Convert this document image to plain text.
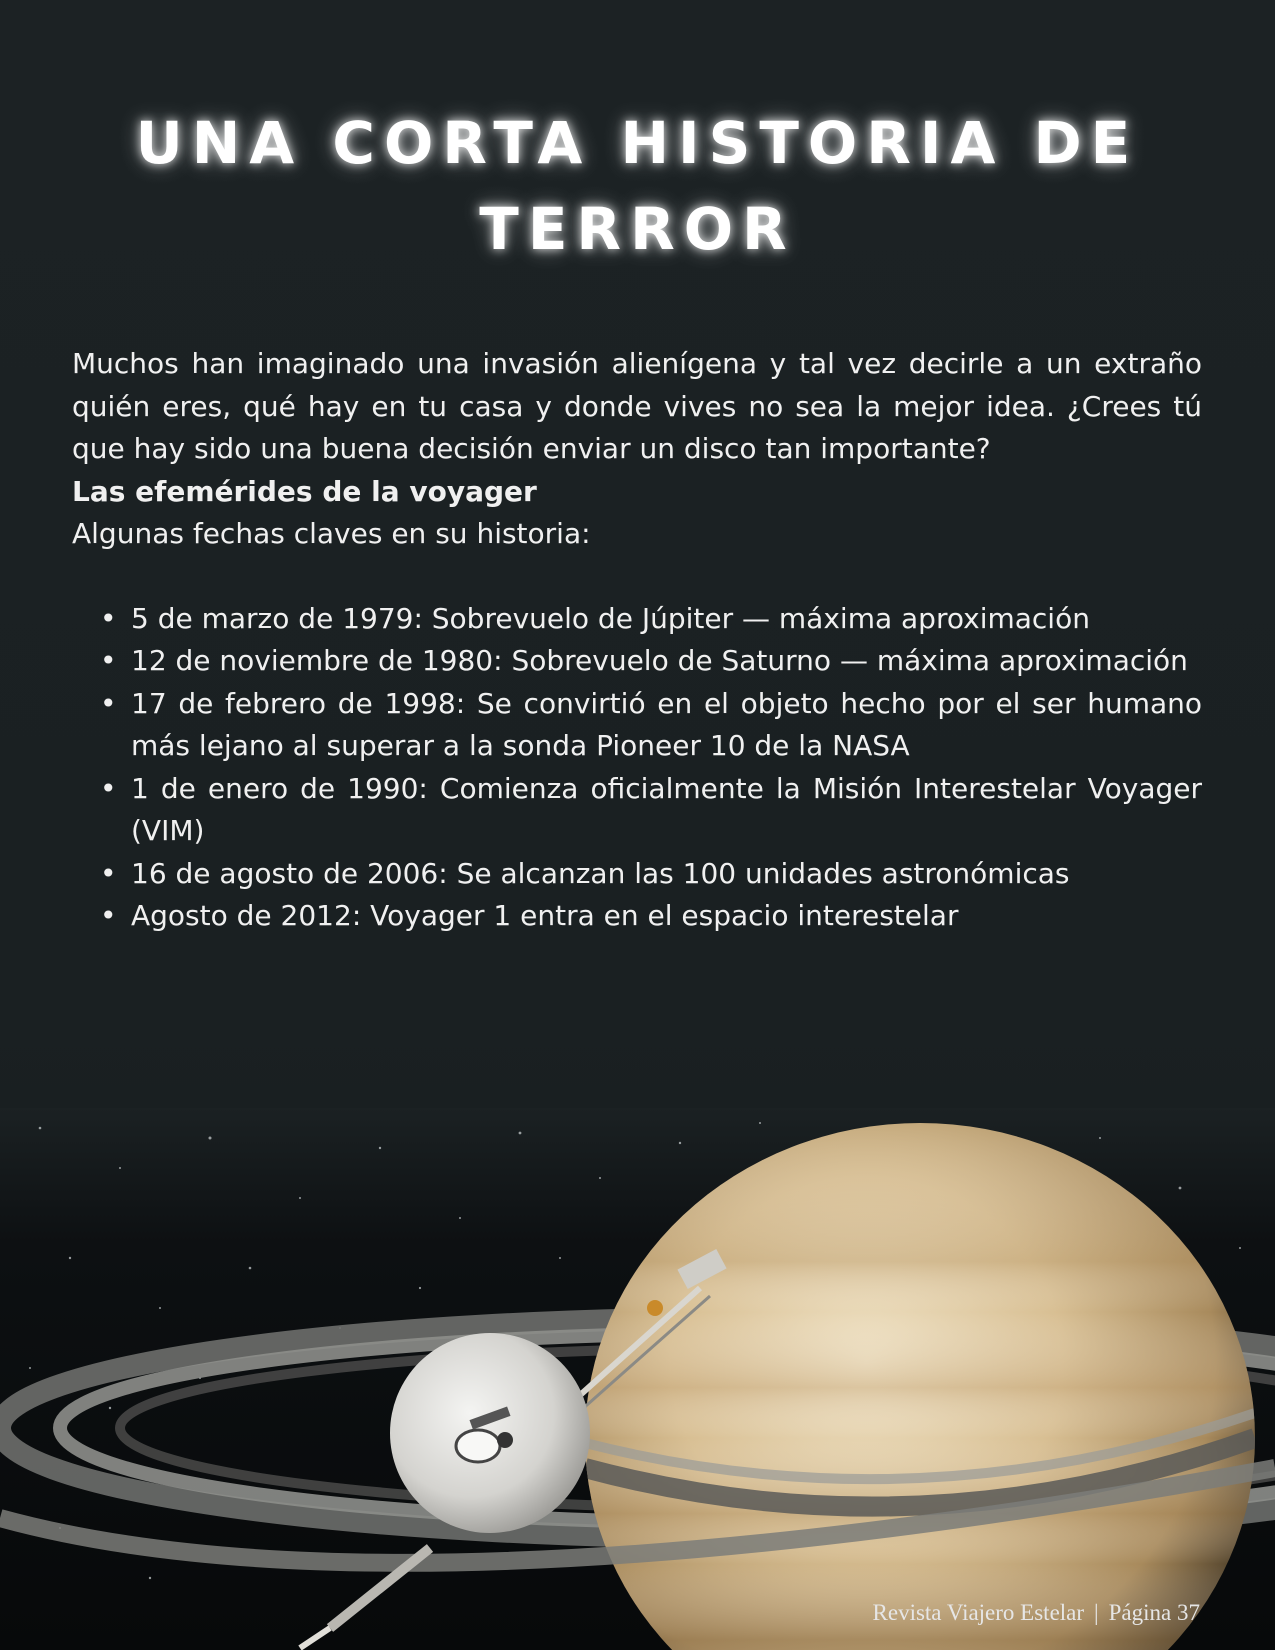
UNA CORTA HISTORIA DE
TERROR

Muchos han imaginado una invasión alienígena y tal vez decirle a un extraño quién eres, qué hay en tu casa y donde vives no sea la mejor idea. ¿Crees tú que hay sido una buena decisión enviar un disco tan importante?

Las efemérides de la voyager

Algunas fechas claves en su historia:

• 5 de marzo de 1979: Sobrevuelo de Júpiter — máxima aproximación
• 12 de noviembre de 1980: Sobrevuelo de Saturno — máxima aproximación
• 17 de febrero de 1998: Se convirtió en el objeto hecho por el ser humano más lejano al superar a la sonda Pioneer 10 de la NASA
• 1 de enero de 1990: Comienza oficialmente la Misión Interestelar Voyager (VIM)
• 16 de agosto de 2006: Se alcanzan las 100 unidades astronómicas
• Agosto de 2012: Voyager 1 entra en el espacio interestelar
Revista Viajero Estelar | Página 37
